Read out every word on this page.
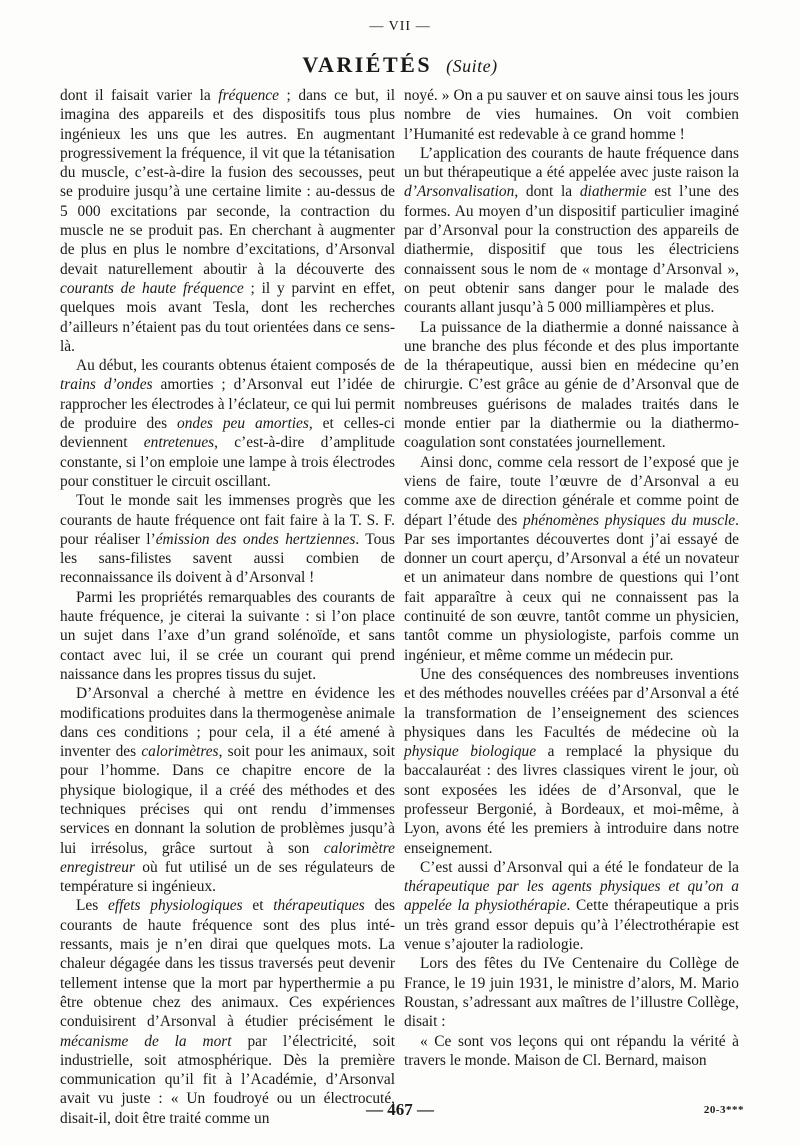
— VII —
VARIÉTÉS (Suite)

dont il faisait varier la fréquence ; dans ce but, il imagina des appareils et des dispositifs tous plus ingénieux les uns que les autres. En augmentant progressivement la fréquence, il vit que la tétanisation du muscle, c’est-à-dire la fusion des secousses, peut se produire jusqu’à une certaine limite : au-dessus de 5 000 excitations par seconde, la contraction du muscle ne se produit pas. En cherchant à augmenter de plus en plus le nombre d’excitations, d’Arsonval devait naturellement aboutir à la découverte des courants de haute fréquence ; il y parvint en effet, quelques mois avant Tesla, dont les recherches d’ailleurs n’étaient pas du tout orientées dans ce sens-là.

Au début, les courants obtenus étaient composés de trains d’ondes amorties ; d’Arsonval eut l’idée de rapprocher les électrodes à l’éclateur, ce qui lui permit de produire des ondes peu amorties, et celles-ci deviennent entretenues, c’est-à-dire d’amplitude constante, si l’on emploie une lampe à trois électrodes pour constituer le circuit oscillant.

Tout le monde sait les immenses progrès que les courants de haute fréquence ont fait faire à la T. S. F. pour réaliser l’émission des ondes hertziennes. Tous les sans-filistes savent aussi combien de reconnaissance ils doivent à d’Arsonval !

Parmi les propriétés remarquables des courants de haute fréquence, je citerai la suivante : si l’on place un sujet dans l’axe d’un grand solénoïde, et sans contact avec lui, il se crée un courant qui prend naissance dans les propres tissus du sujet.

D’Arsonval a cherché à mettre en évidence les modifications produites dans la thermogenèse animale dans ces conditions ; pour cela, il a été amené à inventer des calorimètres, soit pour les animaux, soit pour l’homme. Dans ce chapitre encore de la physique biologique, il a créé des méthodes et des techniques précises qui ont rendu d’immenses services en donnant la solution de problèmes jusqu’à lui irrésolus, grâce surtout à son calorimètre enregistreur où fut utilisé un de ses régulateurs de température si ingénieux.

Les effets physiologiques et thérapeutiques des courants de haute fréquence sont des plus intéressants, mais je n’en dirai que quelques mots. La chaleur dégagée dans les tissus traversés peut devenir tellement intense que la mort par hyperthermie a pu être obtenue chez des animaux. Ces expériences conduisirent d’Arsonval à étudier précisément le mécanisme de la mort par l’électricité, soit industrielle, soit atmosphérique. Dès la première communication qu’il fit à l’Académie, d’Arsonval avait vu juste : « Un foudroyé ou un électrocuté, disait-il, doit être traité comme un

noyé. » On a pu sauver et on sauve ainsi tous les jours nombre de vies humaines. On voit combien l’Humanité est redevable à ce grand homme !

L’application des courants de haute fréquence dans un but thérapeutique a été appelée avec juste raison la d’Arsonvalisation, dont la diathermie est l’une des formes. Au moyen d’un dispositif particulier imaginé par d’Arsonval pour la construction des appareils de diathermie, dispositif que tous les électriciens connaissent sous le nom de « montage d’Arsonval », on peut obtenir sans danger pour le malade des courants allant jusqu’à 5 000 milliampères et plus.

La puissance de la diathermie a donné naissance à une branche des plus féconde et des plus importante de la thérapeutique, aussi bien en médecine qu’en chirurgie. C’est grâce au génie de d’Arsonval que de nombreuses guérisons de malades traités dans le monde entier par la diathermie ou la diathermo-coagulation sont constatées journellement.

Ainsi donc, comme cela ressort de l’exposé que je viens de faire, toute l’œuvre de d’Arsonval a eu comme axe de direction générale et comme point de départ l’étude des phénomènes physiques du muscle. Par ses importantes découvertes dont j’ai essayé de donner un court aperçu, d’Arsonval a été un novateur et un animateur dans nombre de questions qui l’ont fait apparaître à ceux qui ne connaissent pas la continuité de son œuvre, tantôt comme un physicien, tantôt comme un physiologiste, parfois comme un ingénieur, et même comme un médecin pur.

Une des conséquences des nombreuses inventions et des méthodes nouvelles créées par d’Arsonval a été la transformation de l’enseignement des sciences physiques dans les Facultés de médecine où la physique biologique a remplacé la physique du baccalauréat : des livres classiques virent le jour, où sont exposées les idées de d’Arsonval, que le professeur Bergonié, à Bordeaux, et moi-même, à Lyon, avons été les premiers à introduire dans notre enseignement.

C’est aussi d’Arsonval qui a été le fondateur de la thérapeutique par les agents physiques et qu’on a appelée la physiothérapie. Cette thérapeutique a pris un très grand essor depuis qu’à l’électrothérapie est venue s’ajouter la radiologie.

Lors des fêtes du IVe Centenaire du Collège de France, le 19 juin 1931, le ministre d’alors, M. Mario Roustan, s’adressant aux maîtres de l’illustre Collège, disait :

« Ce sont vos leçons qui ont répandu la vérité à travers le monde. Maison de Cl. Bernard, maison

— 467 —	20-3***
